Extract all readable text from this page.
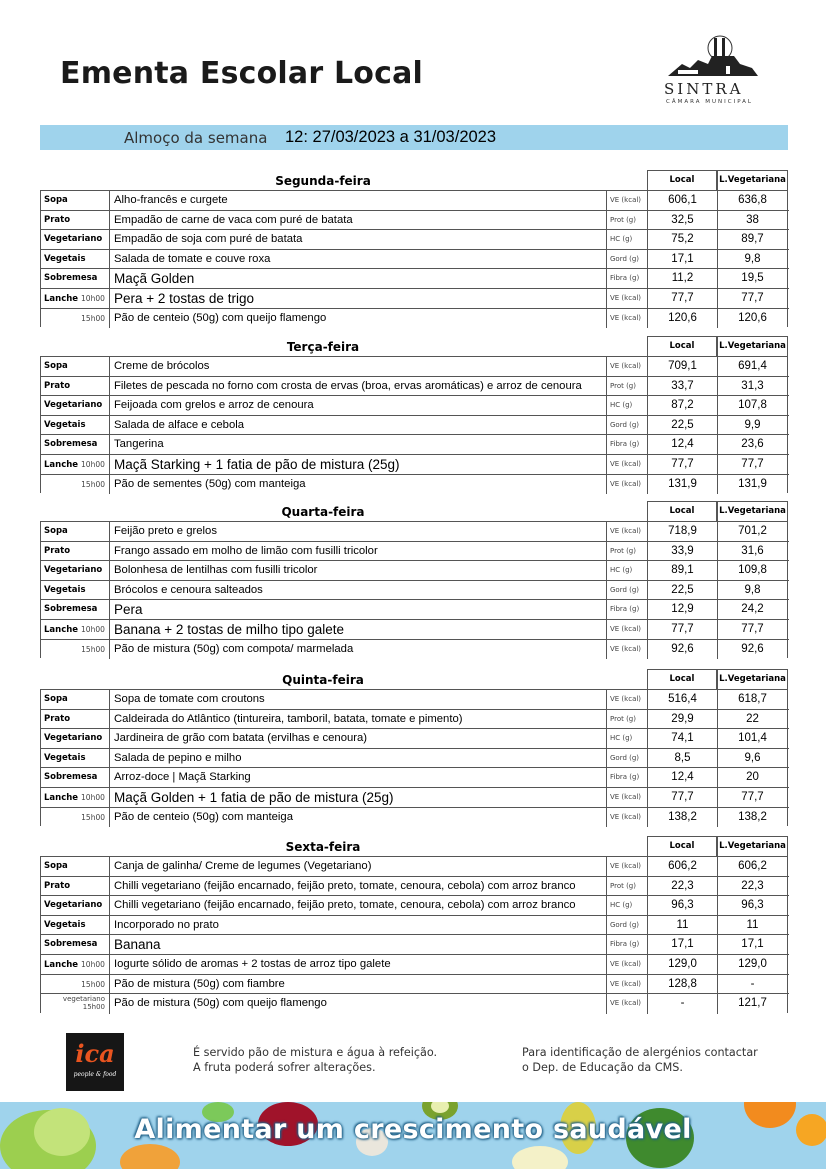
Ementa Escolar Local	SINTRA
CÂMARA MUNICIPAL
Almoço da semana 12: 27/03/2023 a 31/03/2023
Segunda-feira	Local	L.Vegetariana
Sopa	Alho-francês e curgete	VE (kcal)	606,1	636,8
Prato	Empadão de carne de vaca com puré de batata	Prot (g)	32,5	38
Vegetariano	Empadão de soja com puré de batata	HC (g)	75,2	89,7
Vegetais	Salada de tomate e couve roxa	Gord (g)	17,1	9,8
Sobremesa	Maçã Golden	Fibra (g)	11,2	19,5
Lanche 10h00 Pera + 2 tostas de trigo	VE (kcal)	77,7	77,7
15h00 Pão de centeio (50g) com queijo flamengo	VE (kcal)	120,6	120,6
Terça-feira	Local	L.Vegetariana
Sopa	Creme de brócolos	VE (kcal)	709,1	691,4
Prato	Filetes de pescada no forno com crosta de ervas (broa, ervas aromáticas) e arroz de cenoura	Prot (g)	33,7	31,3
Vegetariano	Feijoada com grelos e arroz de cenoura	HC (g)	87,2	107,8
Vegetais	Salada de alface e cebola	Gord (g)	22,5	9,9
Sobremesa	Tangerina	Fibra (g)	12,4	23,6
Lanche 10h00 Maçã Starking + 1 fatia de pão de mistura (25g)	VE (kcal)	77,7	77,7
15h00 Pão de sementes (50g) com manteiga	VE (kcal)	131,9	131,9
Quarta-feira	Local	L.Vegetariana
Sopa	Feijão preto e grelos	VE (kcal)	718,9	701,2
Prato	Frango assado em molho de limão com fusilli tricolor	Prot (g)	33,9	31,6
Vegetariano	Bolonhesa de lentilhas com fusilli tricolor	HC (g)	89,1	109,8
Vegetais	Brócolos e cenoura salteados	Gord (g)	22,5	9,8
Sobremesa	Pera	Fibra (g)	12,9	24,2
Lanche 10h00 Banana + 2 tostas de milho tipo galete	VE (kcal)	77,7	77,7
15h00 Pão de mistura (50g) com compota/ marmelada	VE (kcal)	92,6	92,6
Quinta-feira	Local	L.Vegetariana
Sopa	Sopa de tomate com croutons	VE (kcal)	516,4	618,7
Prato	Caldeirada do Atlântico (tintureira, tamboril, batata, tomate e pimento)	Prot (g)	29,9	22
Vegetariano	Jardineira de grão com batata (ervilhas e cenoura)	HC (g)	74,1	101,4
Vegetais	Salada de pepino e milho	Gord (g)	8,5	9,6
Sobremesa	Arroz-doce | Maçã Starking	Fibra (g)	12,4	20
Lanche 10h00 Maçã Golden + 1 fatia de pão de mistura (25g)	VE (kcal)	77,7	77,7
15h00 Pão de centeio (50g) com manteiga	VE (kcal)	138,2	138,2
Sexta-feira	Local	L.Vegetariana
Sopa	Canja de galinha/ Creme de legumes (Vegetariano)	VE (kcal)	606,2	606,2
Prato	Chilli vegetariano (feijão encarnado, feijão preto, tomate, cenoura, cebola) com arroz branco	Prot (g)	22,3	22,3
Vegetariano	Chilli vegetariano (feijão encarnado, feijão preto, tomate, cenoura, cebola) com arroz branco	HC (g)	96,3	96,3
Vegetais	Incorporado no prato	Gord (g)	11	11
Sobremesa	Banana	Fibra (g)	17,1	17,1
Lanche 10h00 Iogurte sólido de aromas + 2 tostas de arroz tipo galete	VE (kcal)	129,0	129,0
15h00 Pão de mistura (50g) com fiambre	VE (kcal)	128,8	-
vegetariano 15h00 Pão de mistura (50g) com queijo flamengo	VE (kcal)	-	121,7
ica
people & food
É servido pão de mistura e água à refeição.
A fruta poderá sofrer alterações.
Para identificação de alergénios contactar
o Dep. de Educação da CMS.
Alimentar um crescimento saudável
